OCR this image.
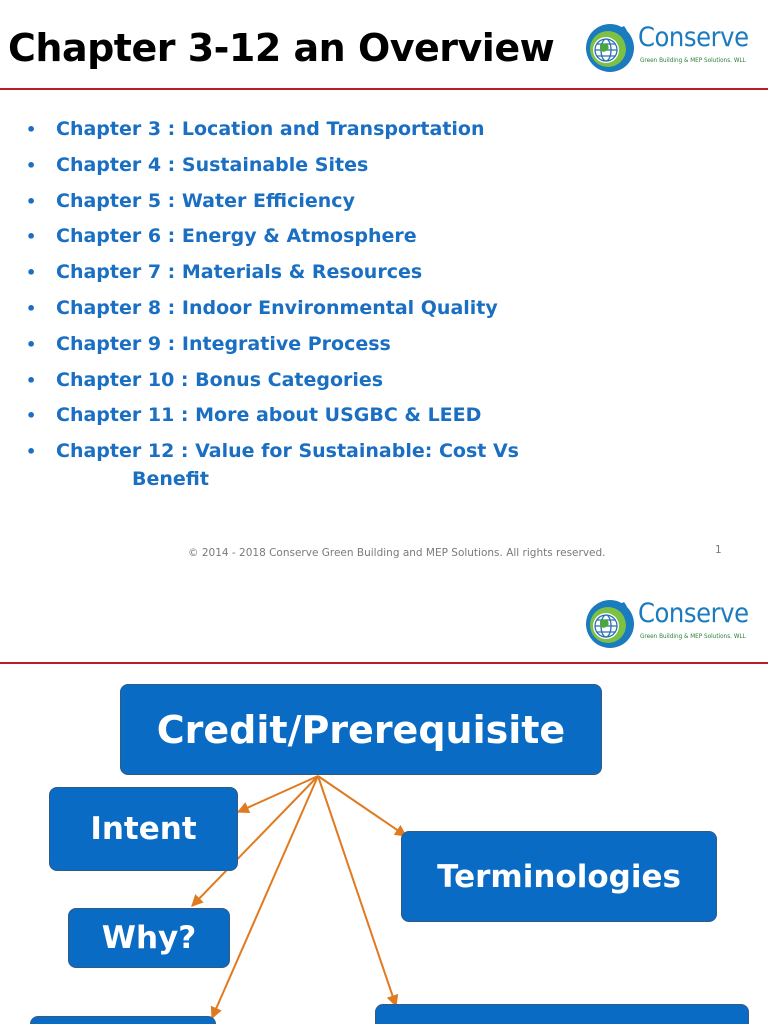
Chapter 3-12 an Overview	Conserve
Green Building & MEP Solutions. WLL
• Chapter 3 : Location and Transportation
• Chapter 4 : Sustainable Sites
• Chapter 5 : Water Efficiency
• Chapter 6 : Energy & Atmosphere
• Chapter 7 : Materials & Resources
• Chapter 8 : Indoor Environmental Quality
• Chapter 9 : Integrative Process
• Chapter 10 : Bonus Categories
• Chapter 11 : More about USGBC & LEED
• Chapter 12 : Value for Sustainable: Cost Vs
Benefit
© 2014 - 2018 Conserve Green Building and MEP Solutions. All rights reserved.	1
Conserve
Green Building & MEP Solutions. WLL
Credit/Prerequisite
Intent
Terminologies
Why?
